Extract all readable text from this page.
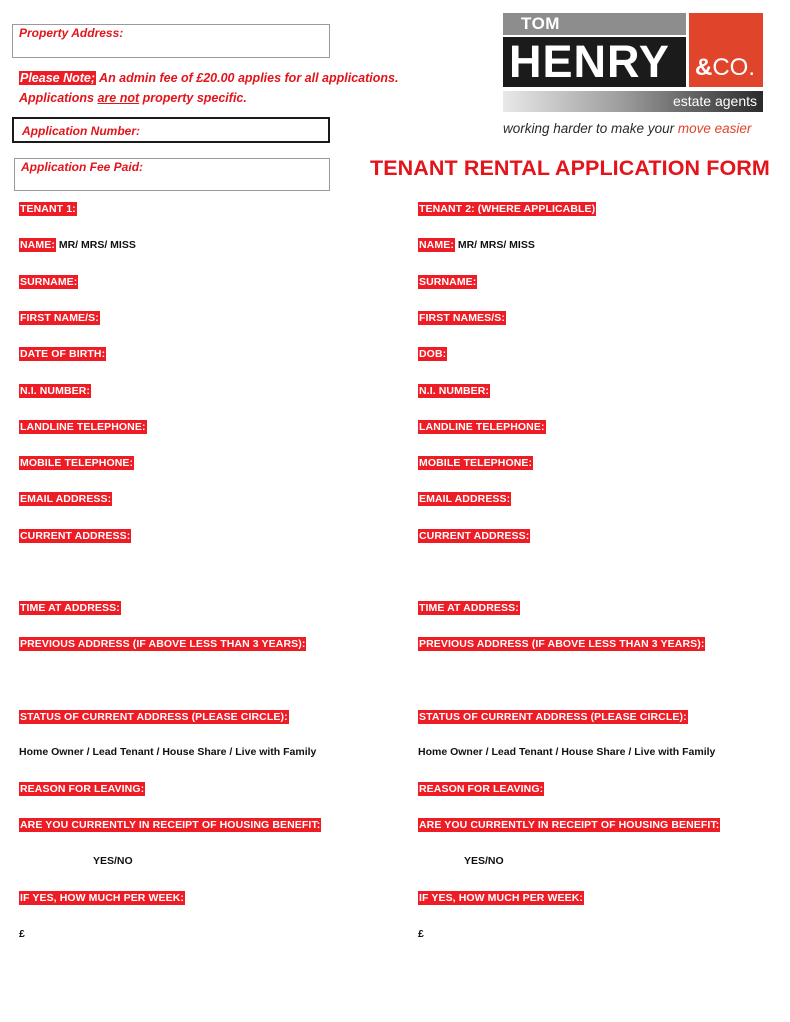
Property Address:
Please Note; An admin fee of £20.00 applies for all applications.
Applications are not property specific.
Application Number:
Application Fee Paid:
TOM
HENRY &CO.
estate agents
working harder to make your move easier
TENANT RENTAL APPLICATION FORM
TENANT 1:
NAME: MR/ MRS/ MISS
SURNAME:
FIRST NAME/S:
DATE OF BIRTH:
N.I. NUMBER:
LANDLINE TELEPHONE:
MOBILE TELEPHONE:
EMAIL ADDRESS:
CURRENT ADDRESS:
TIME AT ADDRESS:
PREVIOUS ADDRESS (IF ABOVE LESS THAN 3 YEARS):
STATUS OF CURRENT ADDRESS (PLEASE CIRCLE):
Home Owner / Lead Tenant / House Share / Live with Family
REASON FOR LEAVING:
ARE YOU CURRENTLY IN RECEIPT OF HOUSING BENEFIT:
YES/NO
IF YES, HOW MUCH PER WEEK:
£
TENANT 2: (WHERE APPLICABLE)
NAME: MR/ MRS/ MISS
SURNAME:
FIRST NAMES/S:
DOB:
N.I. NUMBER:
LANDLINE TELEPHONE:
MOBILE TELEPHONE:
EMAIL ADDRESS:
CURRENT ADDRESS:
TIME AT ADDRESS:
PREVIOUS ADDRESS (IF ABOVE LESS THAN 3 YEARS):
STATUS OF CURRENT ADDRESS (PLEASE CIRCLE):
Home Owner / Lead Tenant / House Share / Live with Family
REASON FOR LEAVING:
ARE YOU CURRENTLY IN RECEIPT OF HOUSING BENEFIT:
YES/NO
IF YES, HOW MUCH PER WEEK:
£
